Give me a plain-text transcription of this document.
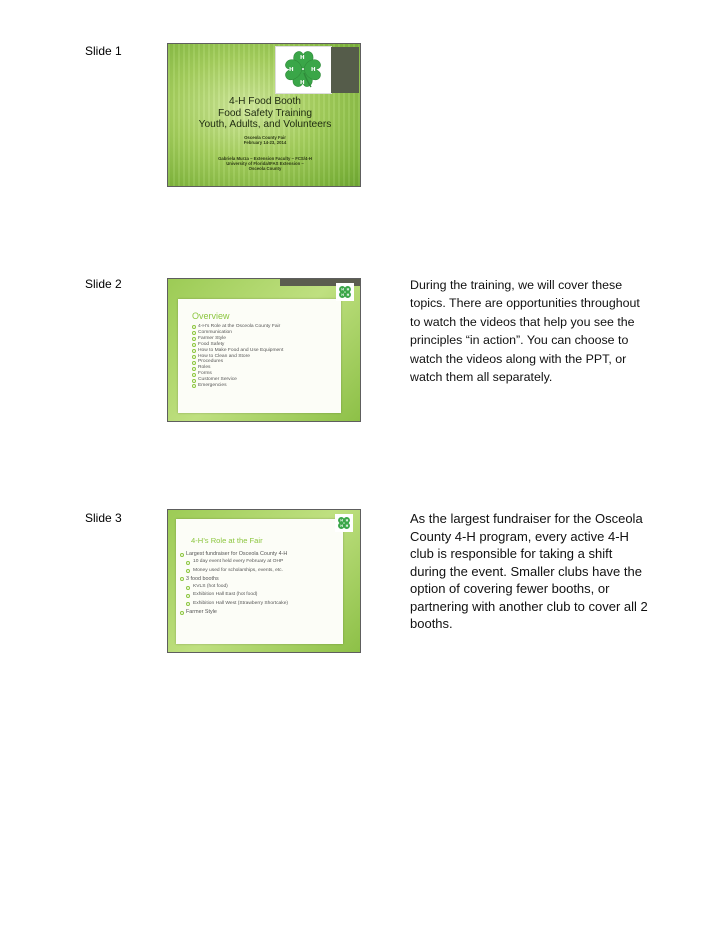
Slide 1	H
H
H	H
4-H Food Booth
Food Safety Training
Youth, Adults, and Volunteers
Osceola County Fair
February 14-23, 2014
Gabriela Murza – Extension Faculty – FCS/4-H
University of Florida/IFAS Extension –
Osceola County
Slide 2	H H
H H
Overview
4-H’s Role at the Osceola County Fair
Communication
Farmer Style
Food Safety
How to Make Food and Use Equipment
How to Clean and Store
Procedures
Roles
Forms
Customer Service
Emergencies
During the training, we will cover these topics. There are opportunities throughout to watch the videos that help you see the principles “in action”. You can choose to watch the videos along with the PPT, or watch them all separately.
Slide 3	H H
H H
4-H’s Role at the Fair
Largest fundraiser for Osceola County 4-H
10 day event held every February at OHP
Money used for scholarships, events, etc.
3 food booths
KVLS (hot food)
Exhibition Hall East (hot food)
Exhibition Hall West (Strawberry Shortcake)
Farmer Style
As the largest fundraiser for the Osceola County 4-H program, every active 4-H club is responsible for taking a shift during the event. Smaller clubs have the option of covering fewer booths, or partnering with another club to cover all 2 booths.
